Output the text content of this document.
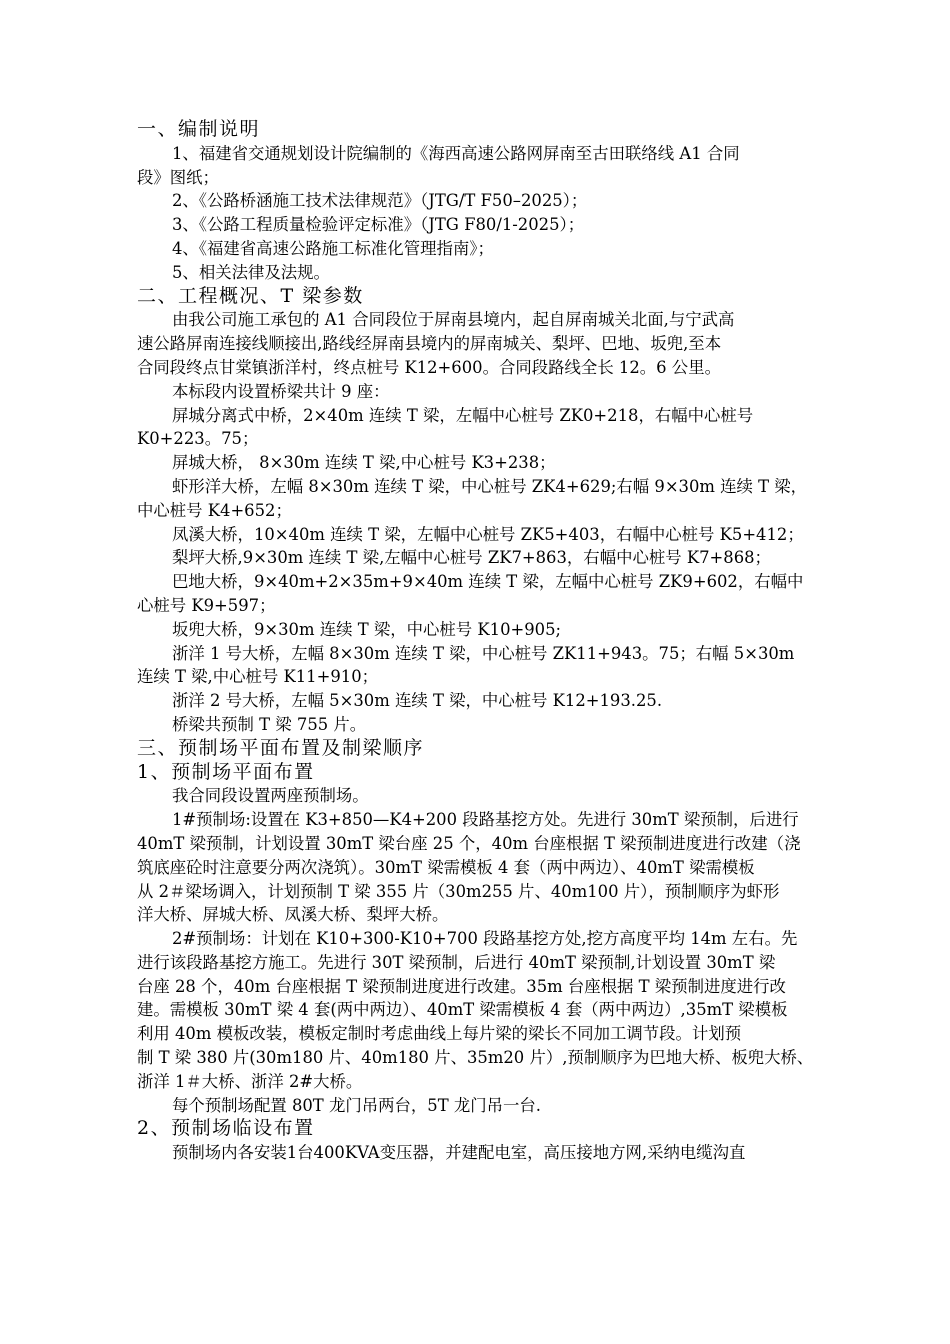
一、编制说明
1、福建省交通规划设计院编制的《海西高速公路网屏南至古田联络线 A1 合同
段》图纸；
2、《公路桥涵施工技术法律规范》（JTG/T F50–2025）；
3、《公路工程质量检验评定标准》（JTG F80/1-2025）；
4、《福建省高速公路施工标准化管理指南》；
5、相关法律及法规。
二、工程概况、T 梁参数
由我公司施工承包的 A1 合同段位于屏南县境内，起自屏南城关北面,与宁武高
速公路屏南连接线顺接出,路线经屏南县境内的屏南城关、梨坪、巴地、坂兜,至本
合同段终点甘棠镇浙洋村，终点桩号 K12+600。合同段路线全长 12。6 公里。
本标段内设置桥梁共计 9 座：
屏城分离式中桥，2×40m 连续 T 梁，左幅中心桩号 ZK0+218，右幅中心桩号
K0+223。75；
屏城大桥， 8×30m 连续 T 梁,中心桩号 K3+238；
虾形洋大桥，左幅 8×30m 连续 T 梁，中心桩号 ZK4+629;右幅 9×30m 连续 T 梁，
中心桩号 K4+652；
凤溪大桥，10×40m 连续 T 梁，左幅中心桩号 ZK5+403，右幅中心桩号 K5+412；
梨坪大桥,9×30m 连续 T 梁,左幅中心桩号 ZK7+863，右幅中心桩号 K7+868；
巴地大桥，9×40m+2×35m+9×40m 连续 T 梁，左幅中心桩号 ZK9+602，右幅中
心桩号 K9+597；
坂兜大桥，9×30m 连续 T 梁，中心桩号 K10+905;
浙洋 1 号大桥，左幅 8×30m 连续 T 梁，中心桩号 ZK11+943。75；右幅 5×30m
连续 T 梁,中心桩号 K11+910；
浙洋 2 号大桥，左幅 5×30m 连续 T 梁，中心桩号 K12+193.25.
桥梁共预制 T 梁 755 片。
三、预制场平面布置及制梁顺序
1、预制场平面布置
我合同段设置两座预制场。
1#预制场:设置在 K3+850—K4+200 段路基挖方处。先进行 30mT 梁预制，后进行
40mT 梁预制，计划设置 30mT 梁台座 25 个，40m 台座根据 T 梁预制进度进行改建（浇
筑底座砼时注意要分两次浇筑）。30mT 梁需模板 4 套（两中两边）、40mT 梁需模板
从 2＃梁场调入，计划预制 T 梁 355 片（30m255 片、40m100 片），预制顺序为虾形
洋大桥、屏城大桥、凤溪大桥、梨坪大桥。
2#预制场：计划在 K10+300-K10+700 段路基挖方处,挖方高度平均 14m 左右。先
进行该段路基挖方施工。先进行 30T 梁预制，后进行 40mT 梁预制,计划设置 30mT 梁
台座 28 个，40m 台座根据 T 梁预制进度进行改建。35m 台座根据 T 梁预制进度进行改
建。需模板 30mT 梁 4 套(两中两边）、40mT 梁需模板 4 套（两中两边）,35mT 梁模板
利用 40m 模板改装，模板定制时考虑曲线上每片梁的梁长不同加工调节段。计划预
制 T 梁 380 片(30m180 片、40m180 片、35m20 片）,预制顺序为巴地大桥、板兜大桥、
浙洋 1＃大桥、浙洋 2#大桥。
每个预制场配置 80T 龙门吊两台，5T 龙门吊一台.
2、预制场临设布置
预制场内各安装1台400KVA变压器，并建配电室，高压接地方网,采纳电缆沟直
